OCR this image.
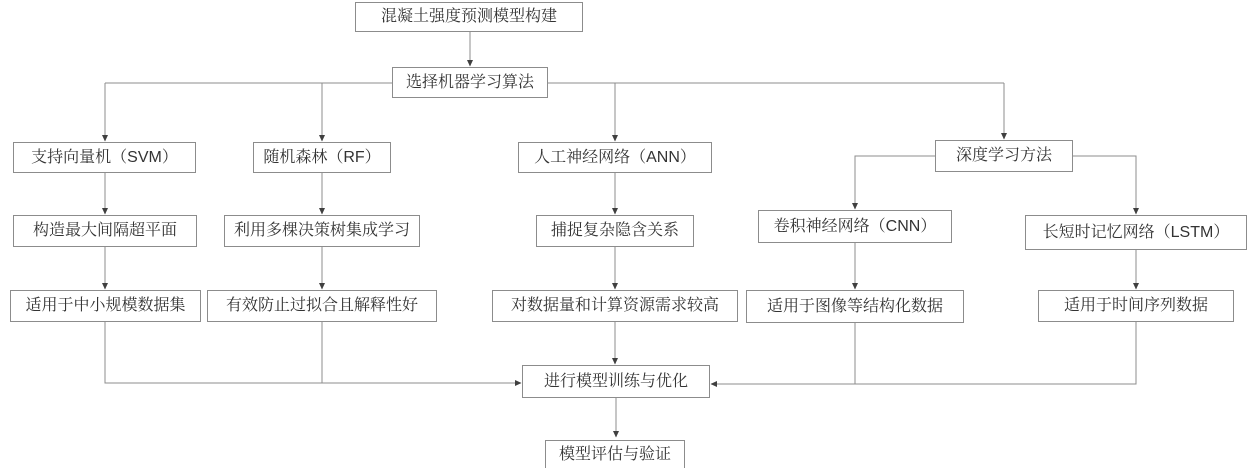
混凝土强度预测模型构建
选择机器学习算法
支持向量机（SVM）	随机森林（RF）	人工神经网络（ANN）	深度学习方法
卷积神经网络（CNN）	长短时记忆网络（LSTM）
构造最大间隔超平面	利用多棵决策树集成学习	捕捉复杂隐含关系
适用于中小规模数据集	有效防止过拟合且解释性好	对数据量和计算资源需求较高	适用于图像等结构化数据	适用于时间序列数据
进行模型训练与优化
模型评估与验证
